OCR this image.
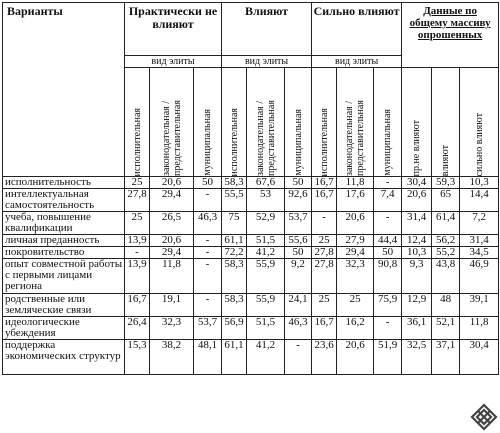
Варианты	Практически не влияют			Влияют			Сильно влияют			Данные по общему массиву опрошенных		
	вид элиты			вид элиты			вид элиты					

	исполнительная	законодательная / представительная	муниципальная	исполнительная	законодательная / представительная	муниципальная	исполнительная	законодательная / представительная	муниципальная	пр.не влияют	влияют	сильно влияют

исполнительность	25	20,6	50	58,3	67,6	50	16,7	11,8	-	30,4	59,3	10,3
интеллектуальная самостоятельность	27,8	29,4	-	55,5	53	92,6	16,7	17,6	7,4	20,6	65	14,4
учеба, повышение квалификации	25	26,5	46,3	75	52,9	53,7	-	20,6	-	31,4	61,4	7,2
личная преданность	13,9	20,6	-	61,1	51,5	55,6	25	27,9	44,4	12,4	56,2	31,4
покровительство	-	29,4	-	72,2	41,2	50	27,8	29,4	50	10,3	55,2	34,5
опыт совместной работы с первыми лицами региона	13,9	11,8	-	58,3	55,9	9,2	27,8	32,3	90,8	9,3	43,8	46,9
родственные или земляческие связи	16,7	19,1	-	58,3	55,9	24,1	25	25	75,9	12,9	48	39,1
идеологические убеждения	26,4	32,3	53,7	56,9	51,5	46,3	16,7	16,2	-	36,1	52,1	11,8
поддержка экономических структур	15,3	38,2	48,1	61,1	41,2	-	23,6	20,6	51,9	32,5	37,1	30,4
